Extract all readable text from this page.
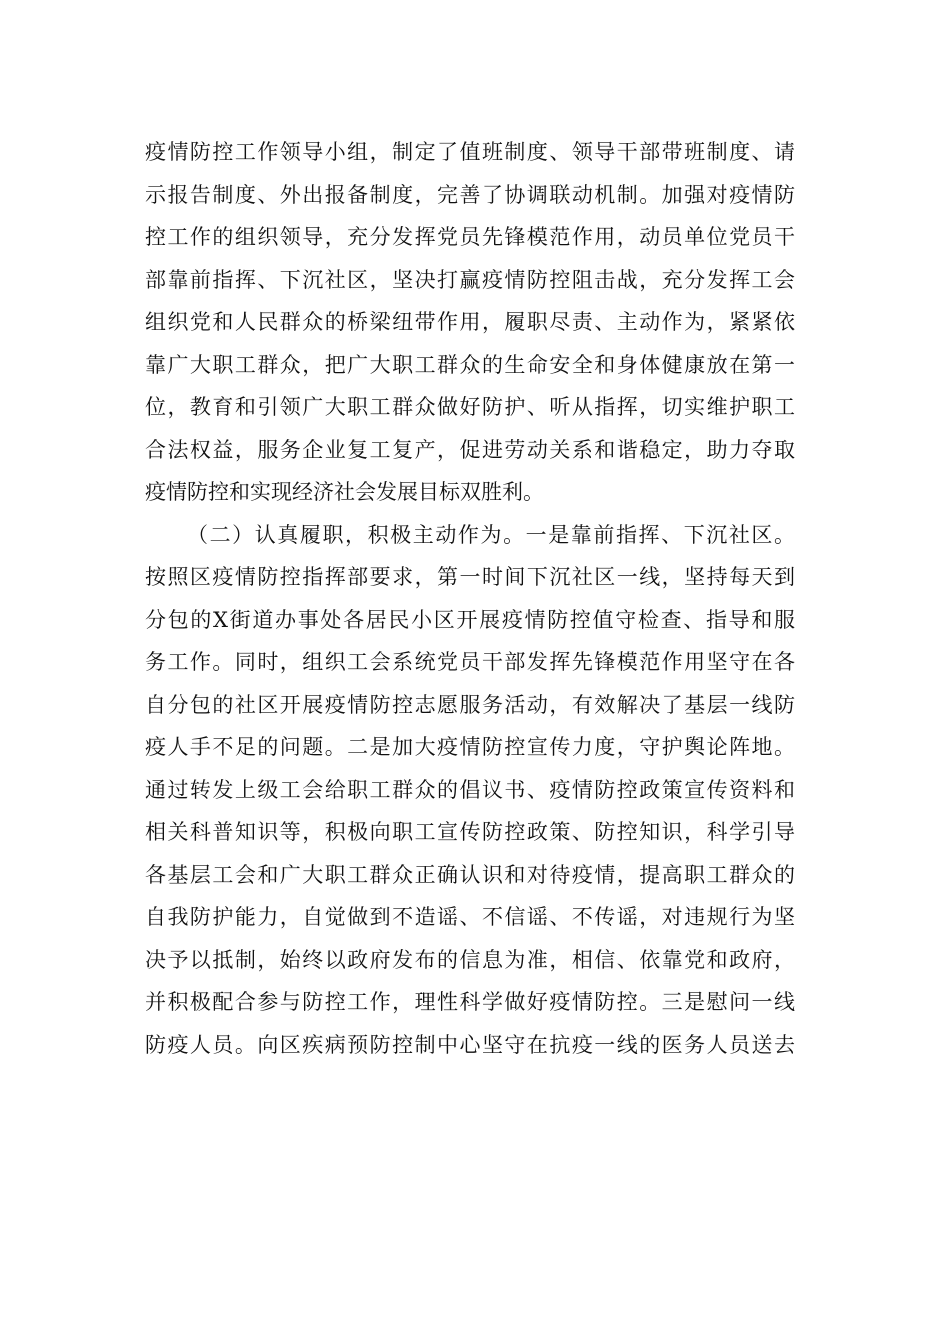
疫情防控工作领导小组，制定了值班制度、领导干部带班制度、请
示报告制度、外出报备制度，完善了协调联动机制。加强对疫情防
控工作的组织领导，充分发挥党员先锋模范作用，动员单位党员干
部靠前指挥、下沉社区，坚决打赢疫情防控阻击战，充分发挥工会
组织党和人民群众的桥梁纽带作用，履职尽责、主动作为，紧紧依
靠广大职工群众，把广大职工群众的生命安全和身体健康放在第一
位，教育和引领广大职工群众做好防护、听从指挥，切实维护职工
合法权益，服务企业复工复产，促进劳动关系和谐稳定，助力夺取
疫情防控和实现经济社会发展目标双胜利。
（二）认真履职，积极主动作为。一是靠前指挥、下沉社区。
按照区疫情防控指挥部要求，第一时间下沉社区一线，坚持每天到
分包的X街道办事处各居民小区开展疫情防控值守检查、指导和服
务工作。同时，组织工会系统党员干部发挥先锋模范作用坚守在各
自分包的社区开展疫情防控志愿服务活动，有效解决了基层一线防
疫人手不足的问题。二是加大疫情防控宣传力度，守护舆论阵地。
通过转发上级工会给职工群众的倡议书、疫情防控政策宣传资料和
相关科普知识等，积极向职工宣传防控政策、防控知识，科学引导
各基层工会和广大职工群众正确认识和对待疫情，提高职工群众的
自我防护能力，自觉做到不造谣、不信谣、不传谣，对违规行为坚
决予以抵制，始终以政府发布的信息为准，相信、依靠党和政府，
并积极配合参与防控工作，理性科学做好疫情防控。三是慰问一线
防疫人员。向区疾病预防控制中心坚守在抗疫一线的医务人员送去
